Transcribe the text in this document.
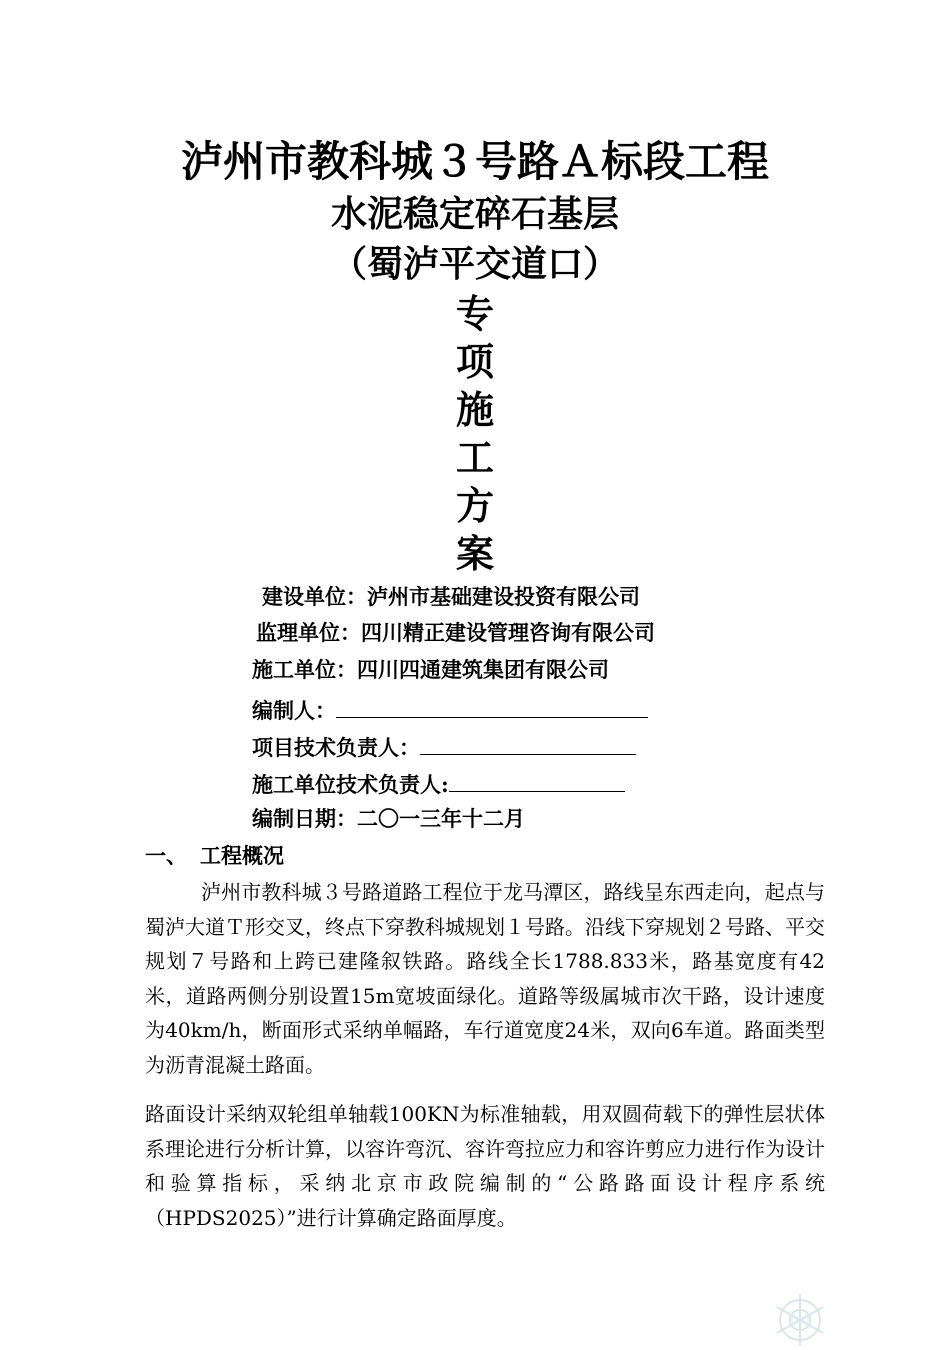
泸州市教科城３号路Ａ标段工程
水泥稳定碎石基层
（蜀泸平交道口）
专
项
施
工
方
案
建设单位：泸州市基础建设投资有限公司
监理单位：四川精正建设管理咨询有限公司
施工单位：四川四通建筑集团有限公司
编制人：
项目技术负责人：
施工单位技术负责人:
编制日期：二〇一三年十二月
一、 工程概况
泸州市教科城３号路道路工程位于龙马潭区，路线呈东西走向，起点与蜀泸大道Ｔ形交叉，终点下穿教科城规划１号路。沿线下穿规划２号路、平交规划７号路和上跨已建隆叙铁路。路线全长1788.833米，路基宽度有42米，道路两侧分别设置15m宽坡面绿化。道路等级属城市次干路，设计速度为40km/h，断面形式采纳单幅路，车行道宽度24米，双向6车道。路面类型为沥青混凝土路面。
路面设计采纳双轮组单轴载100KN为标准轴载，用双圆荷载下的弹性层状体系理论进行分析计算，以容许弯沉、容许弯拉应力和容许剪应力进行作为设计和验算指标，采纳北京市政院编制的“公路路面设计程序系统（HPDS2025）”进行计算确定路面厚度。
